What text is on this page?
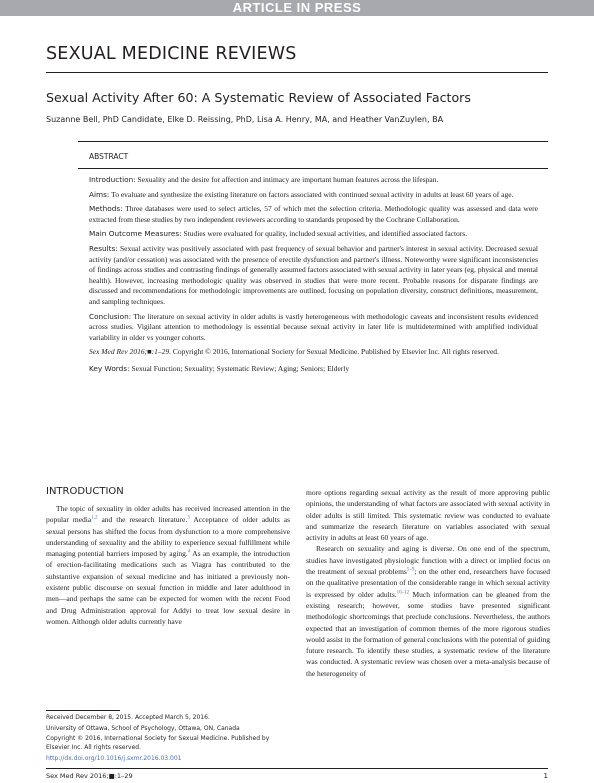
ARTICLE IN PRESS
SEXUAL MEDICINE REVIEWS
Sexual Activity After 60: A Systematic Review of Associated Factors
Suzanne Bell, PhD Candidate, Elke D. Reissing, PhD, Lisa A. Henry, MA, and Heather VanZuylen, BA
ABSTRACT
Introduction: Sexuality and the desire for affection and intimacy are important human features across the lifespan.
Aims: To evaluate and synthesize the existing literature on factors associated with continued sexual activity in adults at least 60 years of age.
Methods: Three databases were used to select articles, 57 of which met the selection criteria. Methodologic quality was assessed and data were extracted from these studies by two independent reviewers according to standards proposed by the Cochrane Collaboration.
Main Outcome Measures: Studies were evaluated for quality, included sexual activities, and identified associated factors.
Results: Sexual activity was positively associated with past frequency of sexual behavior and partner's interest in sexual activity. Decreased sexual activity (and/or cessation) was associated with the presence of erectile dysfunction and partner's illness. Noteworthy were significant inconsistencies of findings across studies and contrasting findings of generally assumed factors associated with sexual activity in later years (eg, physical and mental health). However, increasing methodologic quality was observed in studies that were more recent. Probable reasons for disparate findings are discussed and recommendations for methodologic improvements are outlined, focusing on population diversity, construct definitions, measurement, and sampling techniques.
Conclusion: The literature on sexual activity in older adults is vastly heterogeneous with methodologic caveats and inconsistent results evidenced across studies. Vigilant attention to methodology is essential because sexual activity in later life is multidetermined with amplified individual variability in older vs younger cohorts.
Sex Med Rev 2016;■:1–29. Copyright © 2016, International Society for Sexual Medicine. Published by Elsevier Inc. All rights reserved.
Key Words: Sexual Function; Sexuality; Systematic Review; Aging; Seniors; Elderly
INTRODUCTION

The topic of sexuality in older adults has received increased attention in the popular media$^{1,2}$ and the research literature.$^3$ Acceptance of older adults as sexual persons has shifted the focus from dysfunction to a more comprehensive understanding of sexuality and the ability to experience sexual fulfillment while managing potential barriers imposed by aging.$^4$ As an example, the introduction of erection-facilitating medications such as Viagra has contributed to the substantive expansion of sexual medicine and has initiated a previously non-existent public discourse on sexual function in middle and later adulthood in men—and perhaps the same can be expected for women with the recent Food and Drug Administration approval for Addyi to treat low sexual desire in women. Although older adults currently have

more options regarding sexual activity as the result of more approving public opinions, the understanding of what factors are associated with sexual activity in older adults is still limited. This systematic review was conducted to evaluate and summarize the research literature on variables associated with sexual activity in adults at least 60 years of age.

Research on sexuality and aging is diverse. On one end of the spectrum, studies have investigated physiologic function with a direct or implied focus on the treatment of sexual problems$^{5-9}$; on the other end, researchers have focused on the qualitative presentation of the considerable range in which sexual activity is expressed by older adults.$^{10-12}$ Much information can be gleaned from the existing research; however, some studies have presented significant methodologic shortcomings that preclude conclusions. Nevertheless, the authors expected that an investigation of common themes of the more rigorous studies would assist in the formation of general conclusions with the potential of guiding future research. To identify these studies, a systematic review of the literature was conducted. A systematic review was chosen over a meta-analysis because of the heterogeneity of

Received December 8, 2015. Accepted March 5, 2016.
University of Ottawa, School of Psychology, Ottawa, ON, Canada
Copyright © 2016, International Society for Sexual Medicine. Published by Elsevier Inc. All rights reserved.
http://dx.doi.org/10.1016/j.sxmr.2016.03.001
Sex Med Rev 2016;■:1–29	1
